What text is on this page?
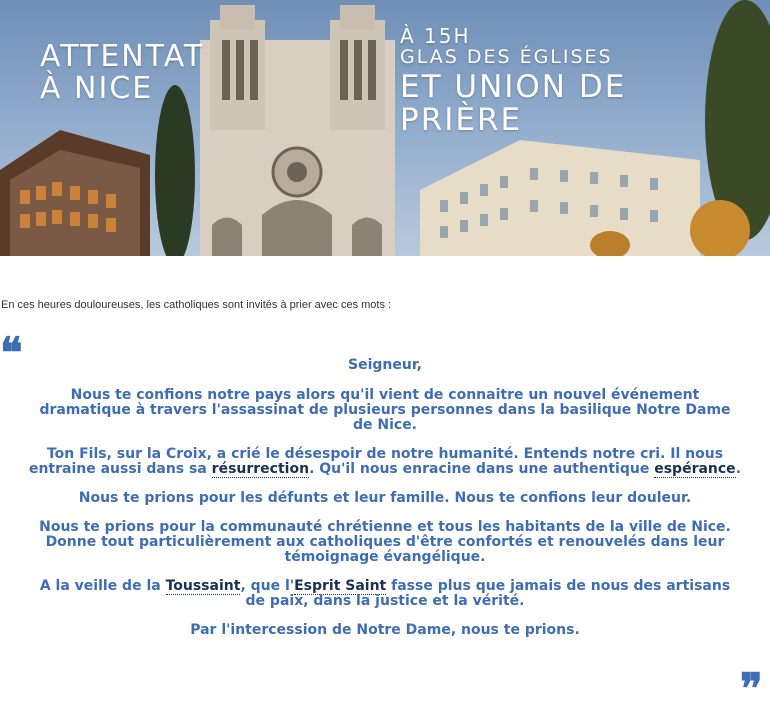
ATTENTAT
À NICE
À 15H
GLAS DES ÉGLISES
ET UNION DE
PRIÈRE
En ces heures douloureuses, les catholiques sont invités à prier avec ces mots :
❝	Seigneur,

Nous te confions notre pays alors qu'il vient de connaitre un nouvel événement dramatique à travers l'assassinat de plusieurs personnes dans la basilique Notre Dame de Nice.

Ton Fils, sur la Croix, a crié le désespoir de notre humanité. Entends notre cri. Il nous entraine aussi dans sa résurrection. Qu'il nous enracine dans une authentique espérance.

Nous te prions pour les défunts et leur famille. Nous te confions leur douleur.

Nous te prions pour la communauté chrétienne et tous les habitants de la ville de Nice. Donne tout particulièrement aux catholiques d'être confortés et renouvelés dans leur témoignage évangélique.

A la veille de la Toussaint, que l'Esprit Saint fasse plus que jamais de nous des artisans de paix, dans la justice et la vérité.

Par l'intercession de Notre Dame, nous te prions.

❞
